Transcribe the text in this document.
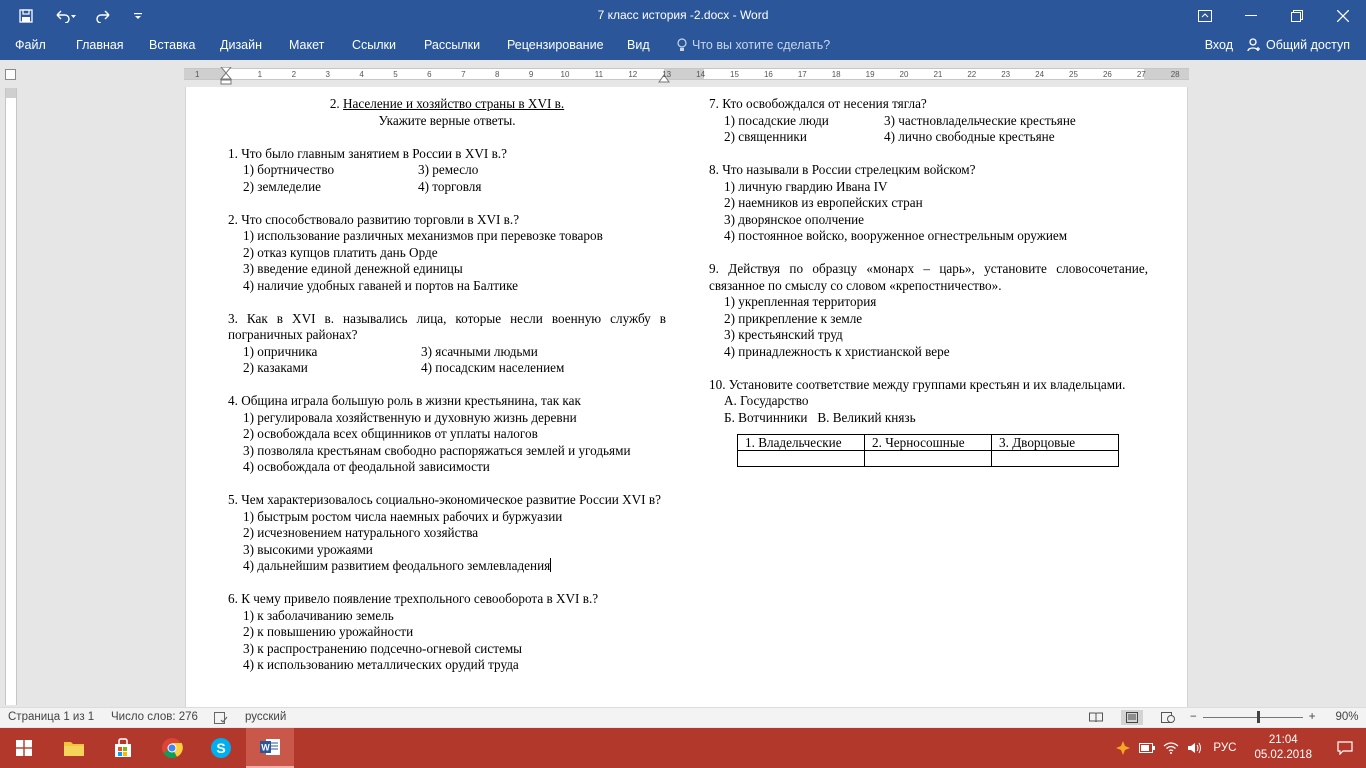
7 класс история -2.docx - Word
Файл Главная Вставка Дизайн Макет Ссылки Рассылки Рецензирование Вид	Что вы хотите сделать?	Вход	Общий доступ
1	1	2	3	4	5	6	7	8	9	10	11	12	13	14	15	16	17	18	19	20	21	22	23	24	25	26	27	28
2. Население и хозяйство страны в XVI в.
Укажите верные ответы.
1. Что было главным занятием в России в XVI в.?
1) бортничество	3) ремесло
2) земледелие	4) торговля
2. Что способствовало развитию торговли в XVI в.?
1) использование различных механизмов при перевозке товаров
2) отказ купцов платить дань Орде
3) введение единой денежной единицы
4) наличие удобных гаваней и портов на Балтике
3. Как в XVI в. назывались лица, которые несли военную службу в пограничных районах?
1) опричника	3) ясачными людьми
2) казаками	4) посадским населением
4. Община играла большую роль в жизни крестьянина, так как
1) регулировала хозяйственную и духовную жизнь деревни
2) освобождала всех общинников от уплаты налогов
3) позволяла крестьянам свободно распоряжаться землей и угодьями
4) освобождала от феодальной зависимости
5. Чем характеризовалось социально-экономическое развитие России XVI в?
1) быстрым ростом числа наемных рабочих и буржуазии
2) исчезновением натурального хозяйства
3) высокими урожаями
4) дальнейшим развитием феодального землевладения
6. К чему привело появление трехпольного севооборота в XVI в.?
1) к заболачиванию земель
2) к повышению урожайности
3) к распространению подсечно-огневой системы
4) к использованию металлических орудий труда
7. Кто освобождался от несения тягла?
1) посадские люди	3) частновладельческие крестьяне
2) священники	4) лично свободные крестьяне
8. Что называли в России стрелецким войском?
1) личную гвардию Ивана IV
2) наемников из европейских стран
3) дворянское ополчение
4) постоянное войско, вооруженное огнестрельным оружием
9. Действуя по образцу «монарх – царь», установите словосочетание, связанное по смыслу со словом «крепостничество».
1) укрепленная территория
2) прикрепление к земле
3) крестьянский труд
4) принадлежность к христианской вере
10. Установите соответствие между группами крестьян и их владельцами.
А. Государство
Б. Вотчинники   В. Великий князь
1. Владельческие	2. Черносошные	3. Дворцовые

Страница 1 из 1 Число слов: 276	русский	−	+ 90%
S	W	РУС
21:04
05.02.2018
